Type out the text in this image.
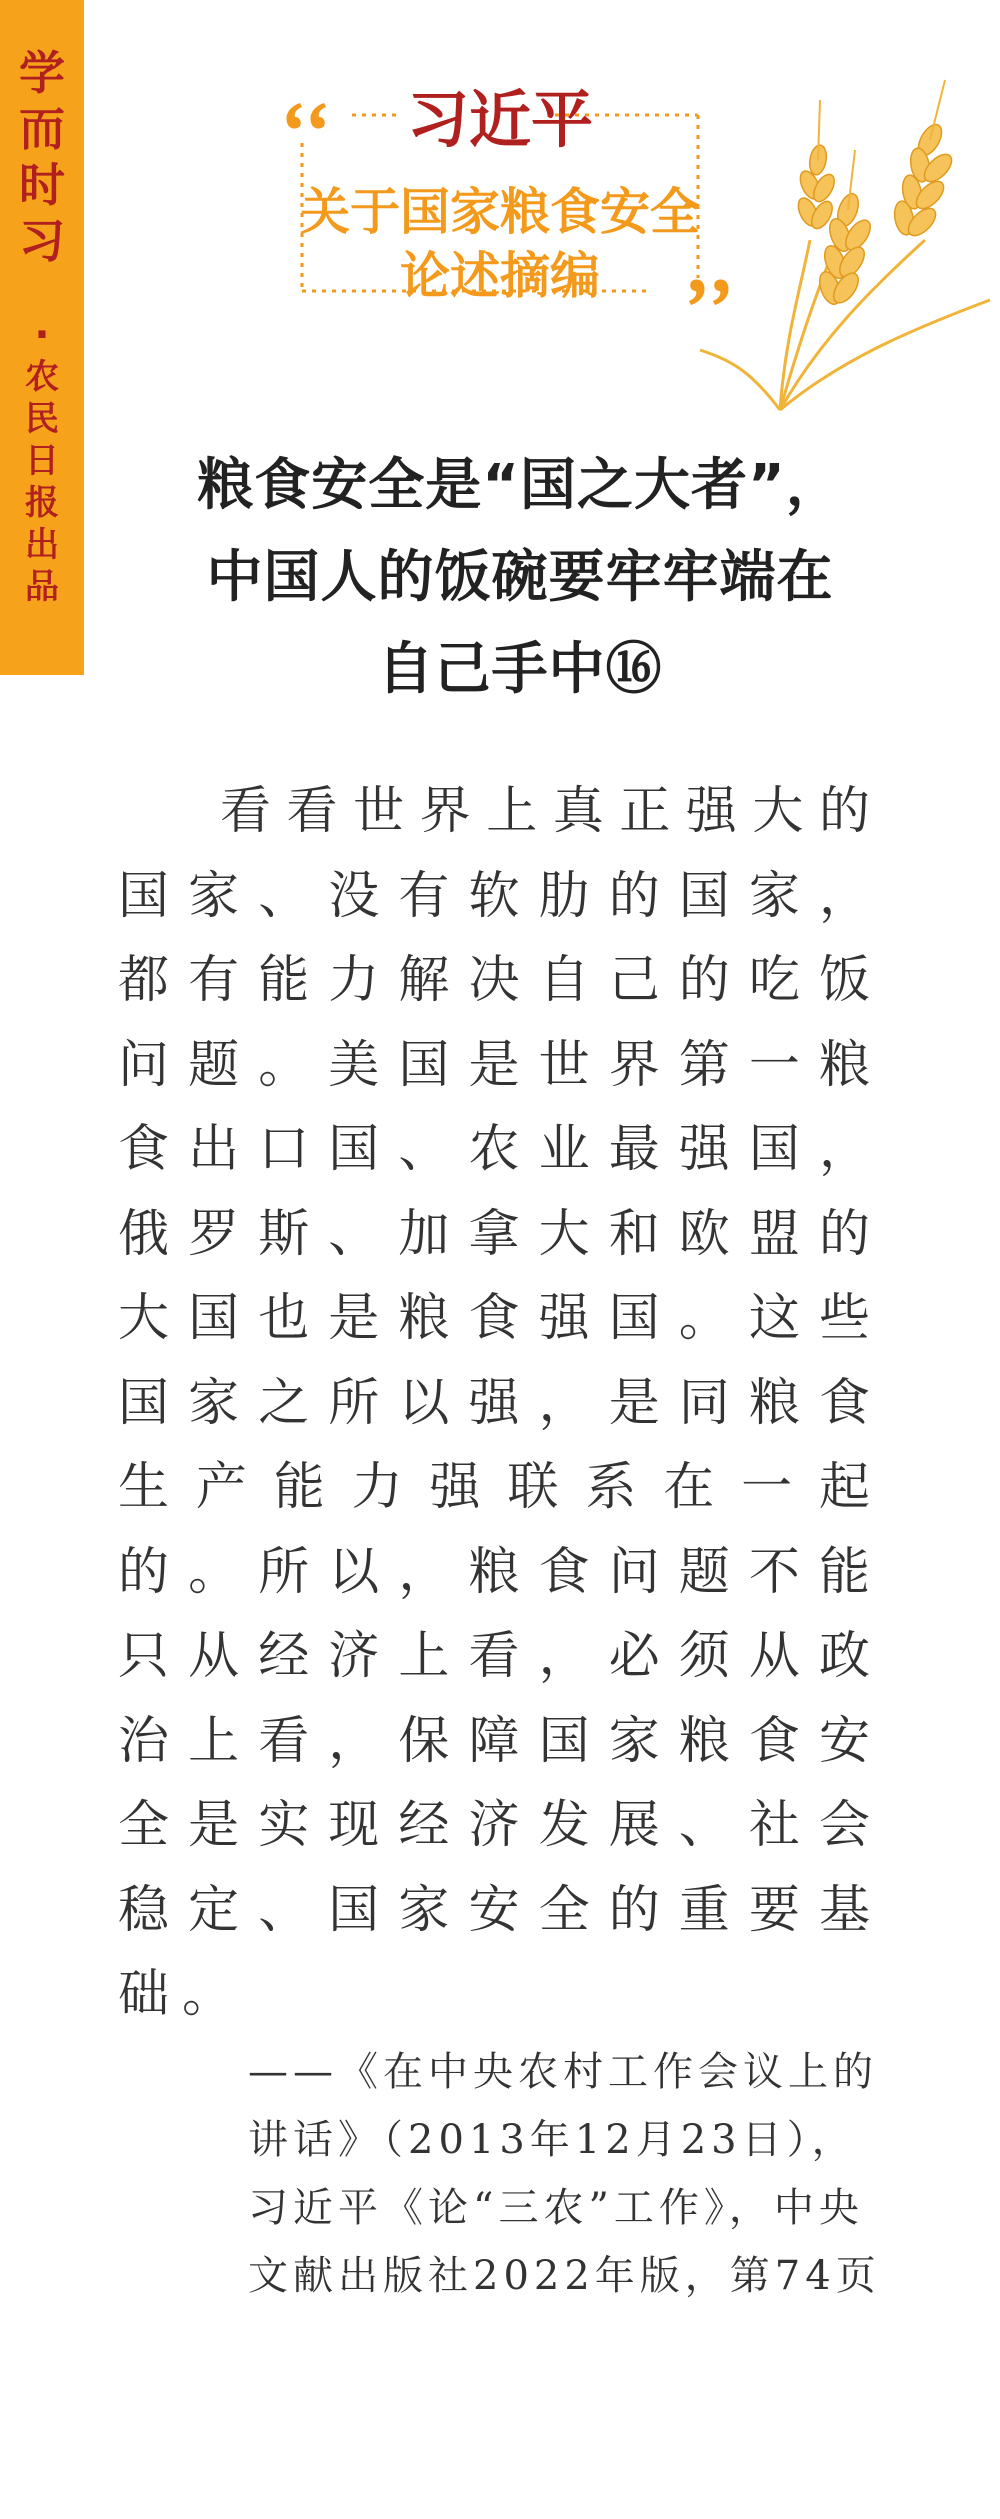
学
而
时
习
·
农
民
日
报
出
品
习近平
关于国家粮食安全
论述摘编
粮食安全是“国之大者”，
中国人的饭碗要牢牢端在
自己手中⑯
看看世界上真正强大的国家、没有软肋的国家，都有能力解决自己的吃饭问题。美国是世界第一粮食出口国、农业最强国，俄罗斯、加拿大和欧盟的大国也是粮食强国。这些国家之所以强，是同粮食生产能力强联系在一起的。所以，粮食问题不能只从经济上看，必须从政治上看，保障国家粮食安全是实现经济发展、社会稳定、国家安全的重要基础。
——《在中央农村工作会议上的讲话》（2013年12月23日），习近平《论“三农”工作》，中央文献出版社2022年版，第74页
